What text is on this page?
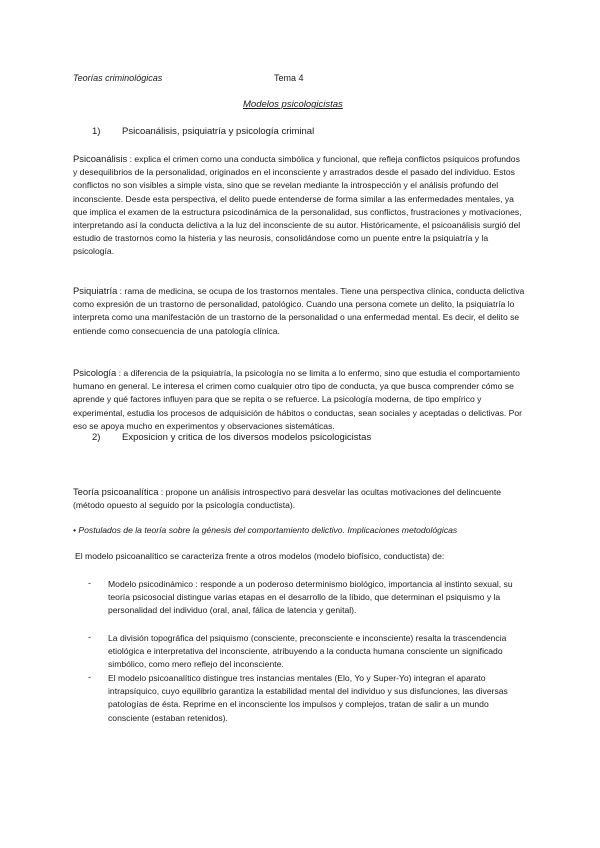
Teorías criminológicas	Tema 4
Modelos psicologicistas
1) Psicoanálisis, psiquiatría y psicología criminal

Psicoanálisis : explica el crimen como una conducta simbólica y funcional, que refleja conflictos psíquicos profundos y desequilibrios de la personalidad, originados en el inconsciente y arrastrados desde el pasado del individuo. Estos conflictos no son visibles a simple vista, sino que se revelan mediante la introspección y el análisis profundo del inconsciente. Desde esta perspectiva, el delito puede entenderse de forma similar a las enfermedades mentales, ya que implica el examen de la estructura psicodinámica de la personalidad, sus conflictos, frustraciones y motivaciones, interpretando así la conducta delictiva a la luz del inconsciente de su autor. Históricamente, el psicoanálisis surgió del estudio de trastornos como la histeria y las neurosis, consolidándose como un puente entre la psiquiatría y la psicología.

Psiquiatría : rama de medicina, se ocupa de los trastornos mentales. Tiene una perspectiva clínica, conducta delictiva como expresión de un trastorno de personalidad, patológico. Cuando una persona comete un delito, la psiquiatría lo interpreta como una manifestación de un trastorno de la personalidad o una enfermedad mental. Es decir, el delito se entiende como consecuencia de una patología clínica.

Psicología : a diferencia de la psiquiatría, la psicología no se limita a lo enfermo, sino que estudia el comportamiento humano en general. Le interesa el crimen como cualquier otro tipo de conducta, ya que busca comprender cómo se aprende y qué factores influyen para que se repita o se refuerce. La psicología moderna, de tipo empírico y experimental, estudia los procesos de adquisición de hábitos o conductas, sean sociales y aceptadas o delictivas. Por eso se apoya mucho en experimentos y observaciones sistemáticas.

2) Exposicion y critica de los diversos modelos psicologicistas

Teoría psicoanalítica : propone un análisis introspectivo para desvelar las ocultas motivaciones del delincuente (método opuesto al seguido por la psicología conductista).

• Postulados de la teoría sobre la génesis del comportamiento delictivo. Implicaciones metodológicas

El modelo psicoanalítico se caracteriza frente a otros modelos (modelo biofísico, conductista) de:

- Modelo psicodinámico : responde a un poderoso determinismo biológico, importancia al instinto sexual, su teoría psicosocial distingue varias etapas en el desarrollo de la líbido, que determinan el psiquismo y la personalidad del individuo (oral, anal, fálica de latencia y genital).

- La división topográfica del psiquismo (consciente, preconsciente e inconsciente) resalta la trascendencia etiológica e interpretativa del inconsciente, atribuyendo a la conducta humana consciente un significado simbólico, como mero reflejo del inconsciente.

- El modelo psicoanalítico distingue tres instancias mentales (Elo, Yo y Super-Yo) integran el aparato intrapsíquico, cuyo equilibrio garantiza la estabilidad mental del individuo y sus disfunciones, las diversas patologías de ésta. Reprime en el inconsciente los impulsos y complejos, tratan de salir a un mundo consciente (estaban retenidos).
